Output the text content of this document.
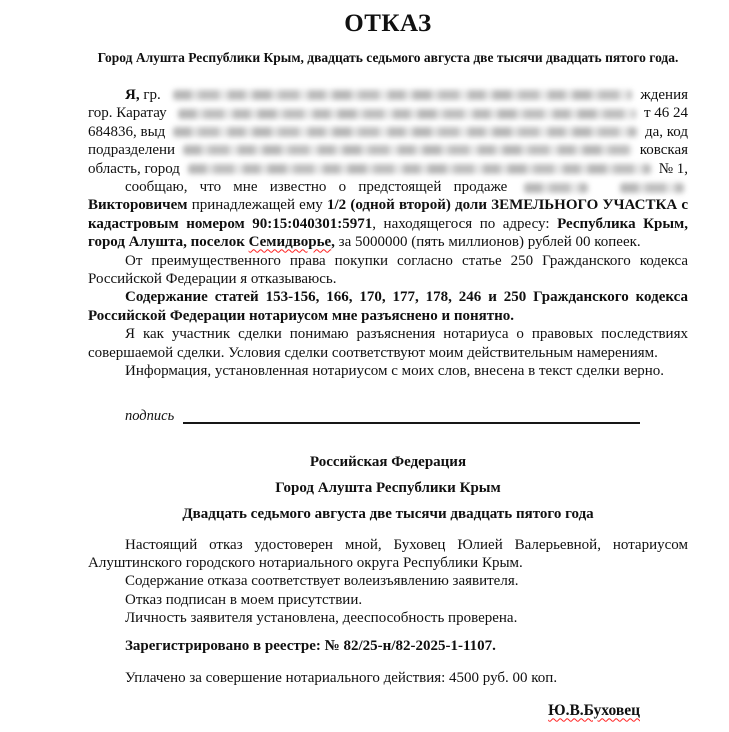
ОТКАЗ
Город Алушта Республики Крым, двадцать седьмого августа две тысячи двадцать пятого года.
Я, гр.	ждения
гор. Каратау	т 46 24
684836, выд	да, код
подразделени	ковская
область, город	№ 1,

сообщаю, что мне известно о предстоящей продаже    Викторовичем принадлежащей ему 1/2 (одной второй) доли ЗЕМЕЛЬНОГО УЧАСТКА с кадастровым номером 90:15:040301:5971, находящегося по адресу: Республика Крым, город Алушта, поселок Семидворье, за 5000000 (пять миллионов) рублей 00 копеек.

От преимущественного права покупки согласно статье 250 Гражданского кодекса Российской Федерации я отказываюсь.

Содержание статей 153-156, 166, 170, 177, 178, 246 и 250 Гражданского кодекса Российской Федерации нотариусом мне разъяснено и понятно.

Я как участник сделки понимаю разъяснения нотариуса о правовых последствиях совершаемой сделки. Условия сделки соответствуют моим действительным намерениям.

Информация, установленная нотариусом с моих слов, внесена в текст сделки верно.

подпись
Российская Федерация
Город Алушта Республики Крым
Двадцать седьмого августа две тысячи двадцать пятого года

Настоящий отказ удостоверен мной, Буховец Юлией Валерьевной, нотариусом Алуштинского городского нотариального округа Республики Крым.

Содержание отказа соответствует волеизъявлению заявителя.

Отказ подписан в моем присутствии.

Личность заявителя установлена, дееспособность проверена.

Зарегистрировано в реестре: № 82/25-н/82-2025-1-1107.

Уплачено за совершение нотариального действия: 4500 руб. 00 коп.

Ю.В.Буховец
